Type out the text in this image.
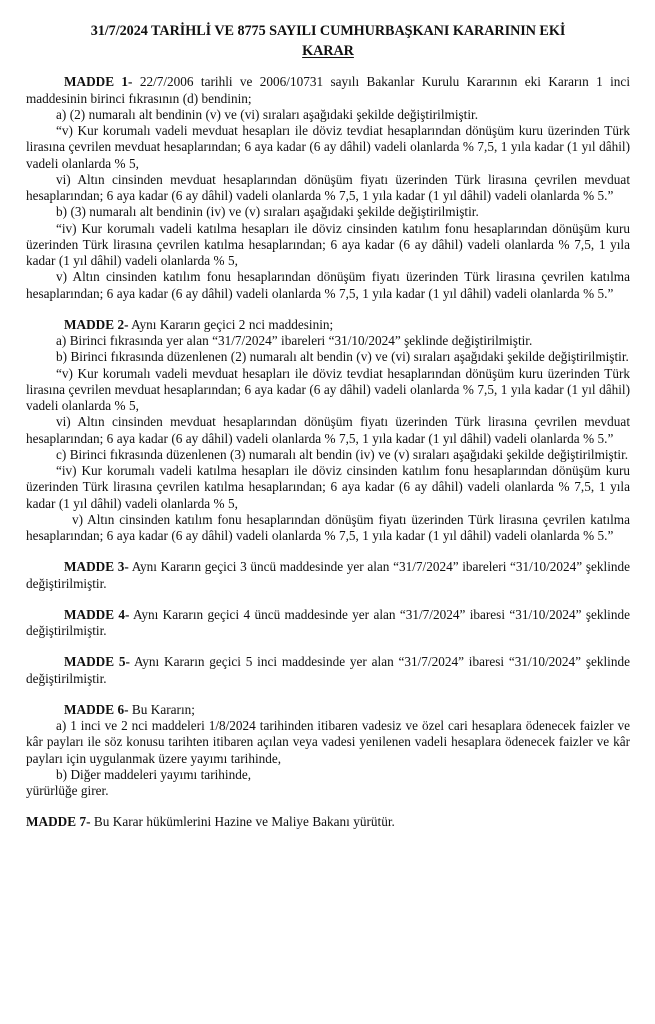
31/7/2024 TARİHLİ VE 8775 SAYILI CUMHURBAŞKANI KARARININ EKİ
KARAR

MADDE 1- 22/7/2006 tarihli ve 2006/10731 sayılı Bakanlar Kurulu Kararının eki Kararın 1 inci maddesinin birinci fıkrasının (d) bendinin;

a) (2) numaralı alt bendinin (v) ve (vi) sıraları aşağıdaki şekilde değiştirilmiştir.

“v) Kur korumalı vadeli mevduat hesapları ile döviz tevdiat hesaplarından dönüşüm kuru üzerinden Türk lirasına çevrilen mevduat hesaplarından; 6 aya kadar (6 ay dâhil) vadeli olanlarda % 7,5, 1 yıla kadar (1 yıl dâhil) vadeli olanlarda % 5,

vi) Altın cinsinden mevduat hesaplarından dönüşüm fiyatı üzerinden Türk lirasına çevrilen mevduat hesaplarından; 6 aya kadar (6 ay dâhil) vadeli olanlarda % 7,5, 1 yıla kadar (1 yıl dâhil) vadeli olanlarda % 5.”

b) (3) numaralı alt bendinin (iv) ve (v) sıraları aşağıdaki şekilde değiştirilmiştir.

“iv) Kur korumalı vadeli katılma hesapları ile döviz cinsinden katılım fonu hesaplarından dönüşüm kuru üzerinden Türk lirasına çevrilen katılma hesaplarından; 6 aya kadar (6 ay dâhil) vadeli olanlarda % 7,5, 1 yıla kadar (1 yıl dâhil) vadeli olanlarda % 5,

v) Altın cinsinden katılım fonu hesaplarından dönüşüm fiyatı üzerinden Türk lirasına çevrilen katılma hesaplarından; 6 aya kadar (6 ay dâhil) vadeli olanlarda % 7,5, 1 yıla kadar (1 yıl dâhil) vadeli olanlarda % 5.”

MADDE 2- Aynı Kararın geçici 2 nci maddesinin;

a) Birinci fıkrasında yer alan “31/7/2024” ibareleri “31/10/2024” şeklinde değiştirilmiştir.

b) Birinci fıkrasında düzenlenen (2) numaralı alt bendin (v) ve (vi) sıraları aşağıdaki şekilde değiştirilmiştir.

“v) Kur korumalı vadeli mevduat hesapları ile döviz tevdiat hesaplarından dönüşüm kuru üzerinden Türk lirasına çevrilen mevduat hesaplarından; 6 aya kadar (6 ay dâhil) vadeli olanlarda % 7,5, 1 yıla kadar (1 yıl dâhil) vadeli olanlarda % 5,

vi) Altın cinsinden mevduat hesaplarından dönüşüm fiyatı üzerinden Türk lirasına çevrilen mevduat hesaplarından; 6 aya kadar (6 ay dâhil) vadeli olanlarda % 7,5, 1 yıla kadar (1 yıl dâhil) vadeli olanlarda % 5.”

c) Birinci fıkrasında düzenlenen (3) numaralı alt bendin (iv) ve (v) sıraları aşağıdaki şekilde değiştirilmiştir.

“iv) Kur korumalı vadeli katılma hesapları ile döviz cinsinden katılım fonu hesaplarından dönüşüm kuru üzerinden Türk lirasına çevrilen katılma hesaplarından; 6 aya kadar (6 ay dâhil) vadeli olanlarda % 7,5, 1 yıla kadar (1 yıl dâhil) vadeli olanlarda % 5,

v) Altın cinsinden katılım fonu hesaplarından dönüşüm fiyatı üzerinden Türk lirasına çevrilen katılma hesaplarından; 6 aya kadar (6 ay dâhil) vadeli olanlarda % 7,5, 1 yıla kadar (1 yıl dâhil) vadeli olanlarda % 5.”

MADDE 3- Aynı Kararın geçici 3 üncü maddesinde yer alan “31/7/2024” ibareleri “31/10/2024” şeklinde değiştirilmiştir.

MADDE 4- Aynı Kararın geçici 4 üncü maddesinde yer alan “31/7/2024” ibaresi “31/10/2024” şeklinde değiştirilmiştir.

MADDE 5- Aynı Kararın geçici 5 inci maddesinde yer alan “31/7/2024” ibaresi “31/10/2024” şeklinde değiştirilmiştir.

MADDE 6- Bu Kararın;

a) 1 inci ve 2 nci maddeleri 1/8/2024 tarihinden itibaren vadesiz ve özel cari hesaplara ödenecek faizler ve kâr payları ile söz konusu tarihten itibaren açılan veya vadesi yenilenen vadeli hesaplara ödenecek faizler ve kâr payları için uygulanmak üzere yayımı tarihinde,

b) Diğer maddeleri yayımı tarihinde,

yürürlüğe girer.

MADDE 7- Bu Karar hükümlerini Hazine ve Maliye Bakanı yürütür.
